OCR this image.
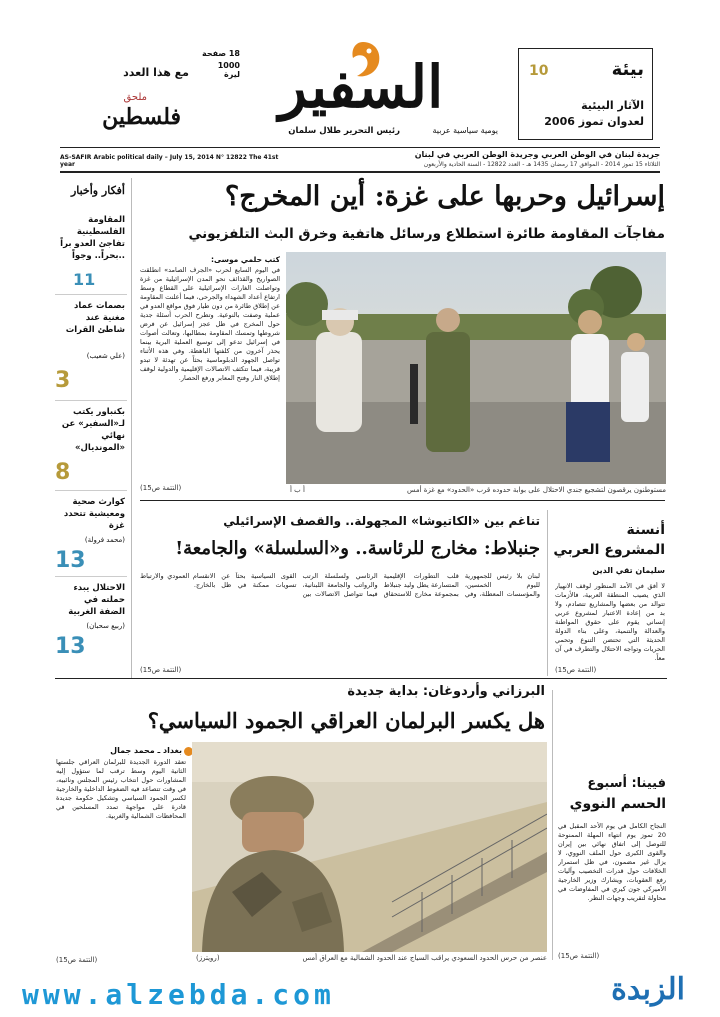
مع هذا العدد
ملحق
فلسطين
18 صفحة
1000 ليرة السفير
يومية سياسية عربية
رئيس التحرير طلال سلمان
بيئة
10
الآثار البيئية
لعدوان تموز 2006
جريدة لبنان في الوطن العربي وجريدة الوطن العربي في لبنان
الثلاثاء 15 تموز 2014 - الموافق 17 رمضان 1435 هـ - العدد 12822 - السنة الحادية والأربعون
AS-SAFIR Arabic political daily – July 15, 2014 N° 12822 The 41st year
أفكار وأخبار
المقاومة الفلسطينية تفاجئ العدو براً ..بحراً.. وجواً
11
بصمات عماد مغنية عند شاطئ القرات
(علي شعيب)
3
بكنباور يكتب لـ«السفير» عن نهائي «المونديال»
8
كوارث صحية ومعيشية تتحدد غزة
(محمد فرولة)
13
الاحتلال يبدء حملته في الضفة الغربية
(ربيع سحبان)
13
إسرائيل وحربها على غزة: أين المخرج؟
مفاجآت المقاومة طائرة استطلاع ورسائل هاتفية وخرق البث التلفزيوني
كتب حلمي موسى:
في اليوم السابع لحرب «الجرف الصامد» انطلقت الصواريخ والقذائف نحو المدن الإسرائيلية من غزة وتواصلت الغارات الإسرائيلية على القطاع وسط ارتفاع أعداد الشهداء والجرحى، فيما أعلنت المقاومة عن إطلاق طائرة من دون طيار فوق مواقع العدو في عملية وصفت بالنوعية. وتطرح الحرب أسئلة جدية حول المخرج في ظل عجز إسرائيل عن فرض شروطها وتمسك المقاومة بمطالبها، وتعالت أصوات في إسرائيل تدعو إلى توسيع العملية البرية بينما يحذر آخرون من كلفتها الباهظة. وفي هذه الأثناء تواصل الجهود الدبلوماسية بحثاً عن تهدئة لا تبدو قريبة، فيما تتكثف الاتصالات الإقليمية والدولية لوقف إطلاق النار وفتح المعابر ورفع الحصار.
(التتمة ص15)	مستوطنون يرقصون لتشجيع جندي الاحتلال على بوابة حدوده قرب «الحدود» مع غزة أمس
أ ب أ
تناغم بين «الكاتيوشا» المجهولة.. والقصف الإسرائيلي
جنبلاط: مخارج للرئاسة.. و«السلسلة» والجامعة!
لبنان بلا رئيس للجمهورية لليوم الخمسين، والمؤسسات المعطلة، وفي قلب التطورات الإقليمية المتسارعة يطل وليد جنبلاط بمجموعة مخارج للاستحقاق الرئاسي ولسلسلة الرتب والرواتب والجامعة اللبنانية، فيما تتواصل الاتصالات بين القوى السياسية بحثاً عن تسويات ممكنة في ظل الانقسام العمودي والارتباط بالخارج.
(التتمة ص15)
أنسنة
المشروع العربي
سليمان تقي الدين
لا أفق في الأمد المنظور لوقف الانهيار الذي يصيب المنطقة العربية، فالأزمات تتوالد من بعضها والمشاريع تتصادم، ولا بد من إعادة الاعتبار لمشروع عربي إنساني يقوم على حقوق المواطنة والعدالة والتنمية، وعلى بناء الدولة الحديثة التي تحتضن التنوع وتحمي الحريات وتواجه الاحتلال والتطرف في آن معاً.
(التتمة ص15)
البرزاني وأردوغان: بداية جديدة
هل يكسر البرلمان العراقي الجمود السياسي؟
بغداد ـ محمد جمال
تعقد الدورة الجديدة للبرلمان العراقي جلستها الثانية اليوم وسط ترقب لما ستؤول إليه المشاورات حول انتخاب رئيس المجلس ونائبيه، في وقت تتصاعد فيه الضغوط الداخلية والخارجية لكسر الجمود السياسي وتشكيل حكومة جديدة قادرة على مواجهة تمدد المسلحين في المحافظات الشمالية والغربية.
(التتمة ص15)	عنصر من حرس الحدود السعودي يراقب السياج عند الحدود الشمالية مع العراق أمس
(رويترز)
فيينا: أسبوع
الحسم النووي
النجاح الكامل في يوم الأحد المقبل في 20 تموز يوم انتهاء المهلة الممنوحة للتوصل إلى اتفاق نهائي بين إيران والقوى الكبرى حول الملف النووي، لا يزال غير مضمون، في ظل استمرار الخلافات حول قدرات التخصيب وآليات رفع العقوبات، ويشارك وزير الخارجية الأميركي جون كيري في المفاوضات في محاولة لتقريب وجهات النظر.
(التتمة ص15)
www.alzebda.com	الزبدة
